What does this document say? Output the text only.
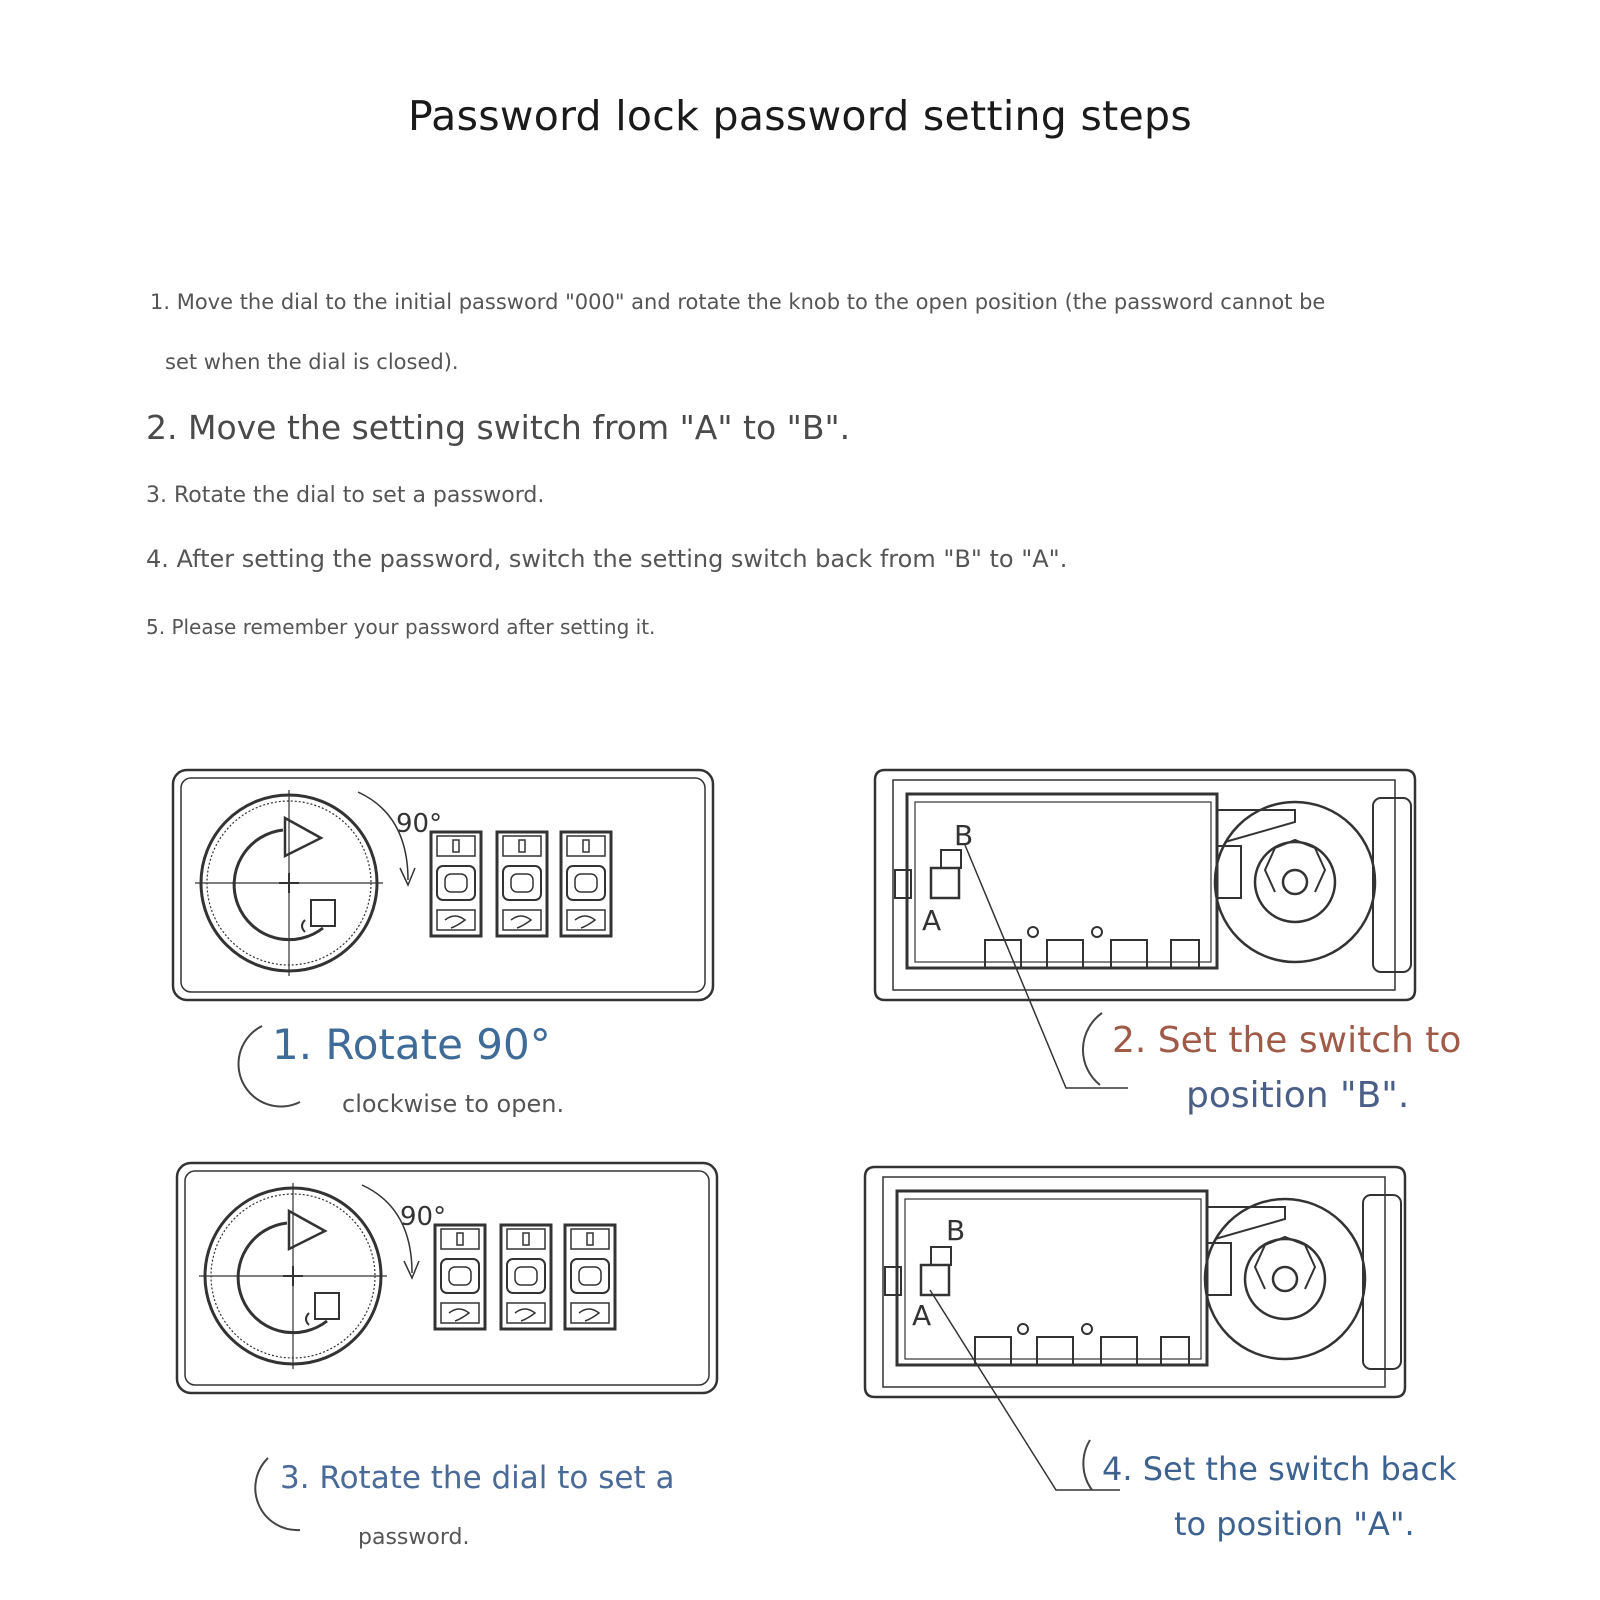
Password lock password setting steps
1. Move the dial to the initial password "000" and rotate the knob to the open position (the password cannot be
set when the dial is closed).
2. Move the setting switch from "A" to "B".
3. Rotate the dial to set a password.
4. After setting the password, switch the setting switch back from "B" to "A".
5. Please remember your password after setting it.
90°
90°
B
A
B
A
1. Rotate 90°
clockwise to open.
2. Set the switch to
position "B".
3. Rotate the dial to set a
password.
4. Set the switch back
to position "A".
